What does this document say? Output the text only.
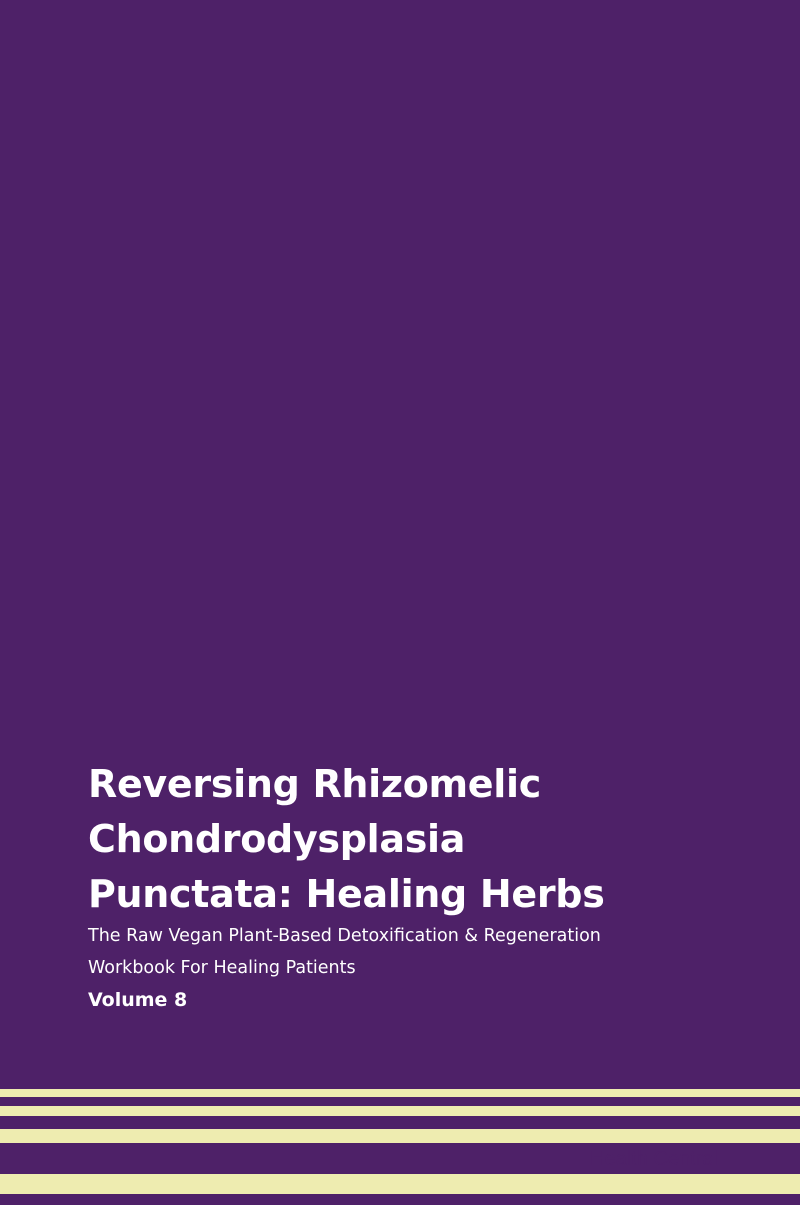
Reversing Rhizomelic
Chondrodysplasia
Punctata: Healing Herbs

The Raw Vegan Plant-Based Detoxification & Regeneration
Workbook For Healing Patients

Volume 8

Health Central
